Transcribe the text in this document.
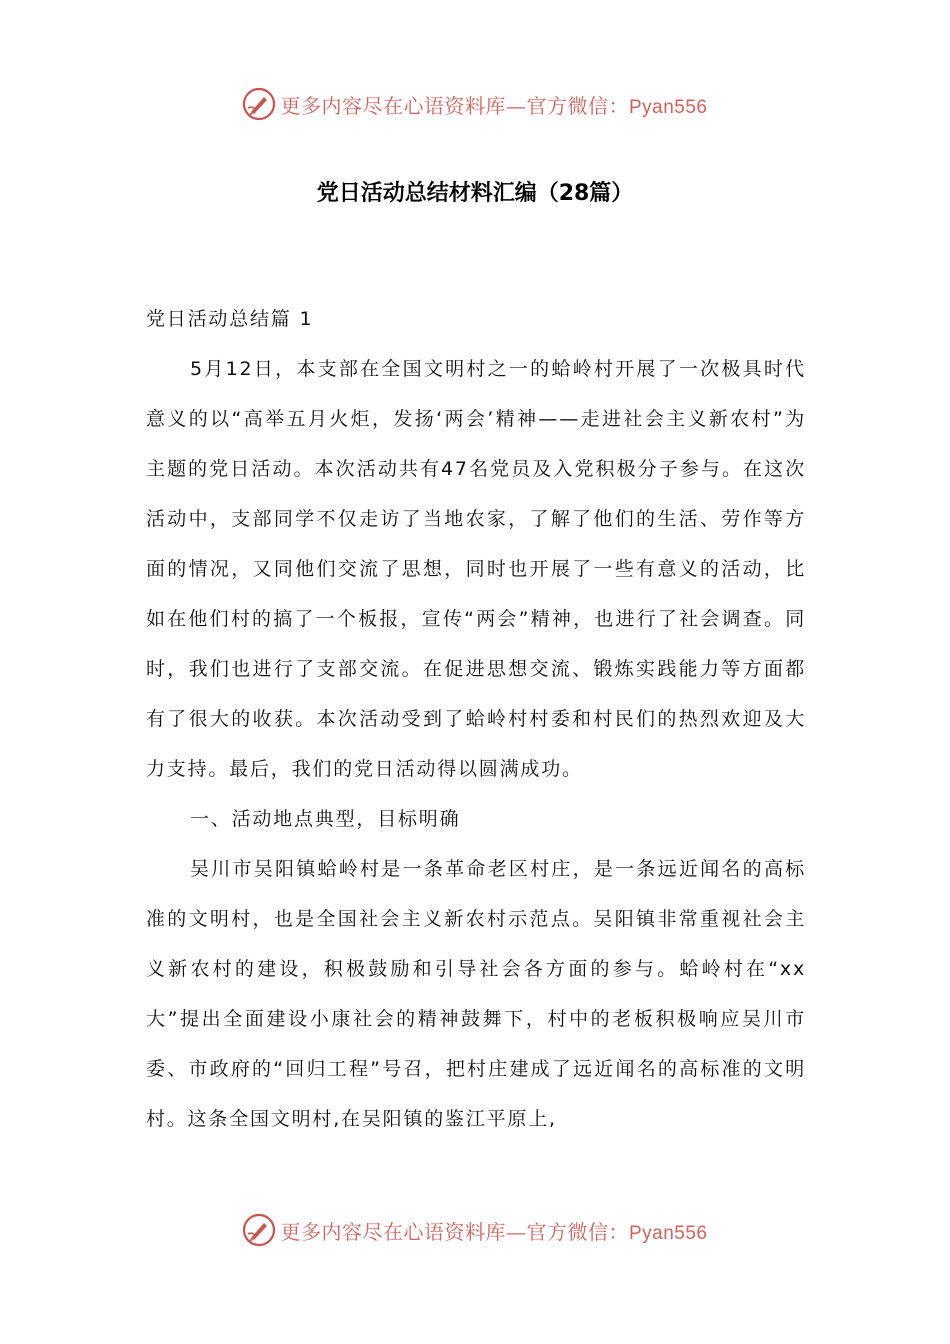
更多内容尽在心语资料库—官方微信：Pyan556
党日活动总结材料汇编（28篇）

党日活动总结篇 1

5月12日，本支部在全国文明村之一的蛤岭村开展了一次极具时代意义的以“高举五月火炬，发扬‘两会’精神——走进社会主义新农村”为主题的党日活动。本次活动共有47名党员及入党积极分子参与。在这次活动中，支部同学不仅走访了当地农家，了解了他们的生活、劳作等方面的情况，又同他们交流了思想，同时也开展了一些有意义的活动，比如在他们村的搞了一个板报，宣传“两会”精神，也进行了社会调查。同时，我们也进行了支部交流。在促进思想交流、锻炼实践能力等方面都有了很大的收获。本次活动受到了蛤岭村村委和村民们的热烈欢迎及大力支持。最后，我们的党日活动得以圆满成功。

一、活动地点典型，目标明确

吴川市吴阳镇蛤岭村是一条革命老区村庄，是一条远近闻名的高标准的文明村，也是全国社会主义新农村示范点。吴阳镇非常重视社会主义新农村的建设，积极鼓励和引导社会各方面的参与。蛤岭村在“xx大”提出全面建设小康社会的精神鼓舞下，村中的老板积极响应吴川市委、市政府的“回归工程”号召，把村庄建成了远近闻名的高标准的文明村。这条全国文明村,在吴阳镇的鉴江平原上,

更多内容尽在心语资料库—官方微信：Pyan556
